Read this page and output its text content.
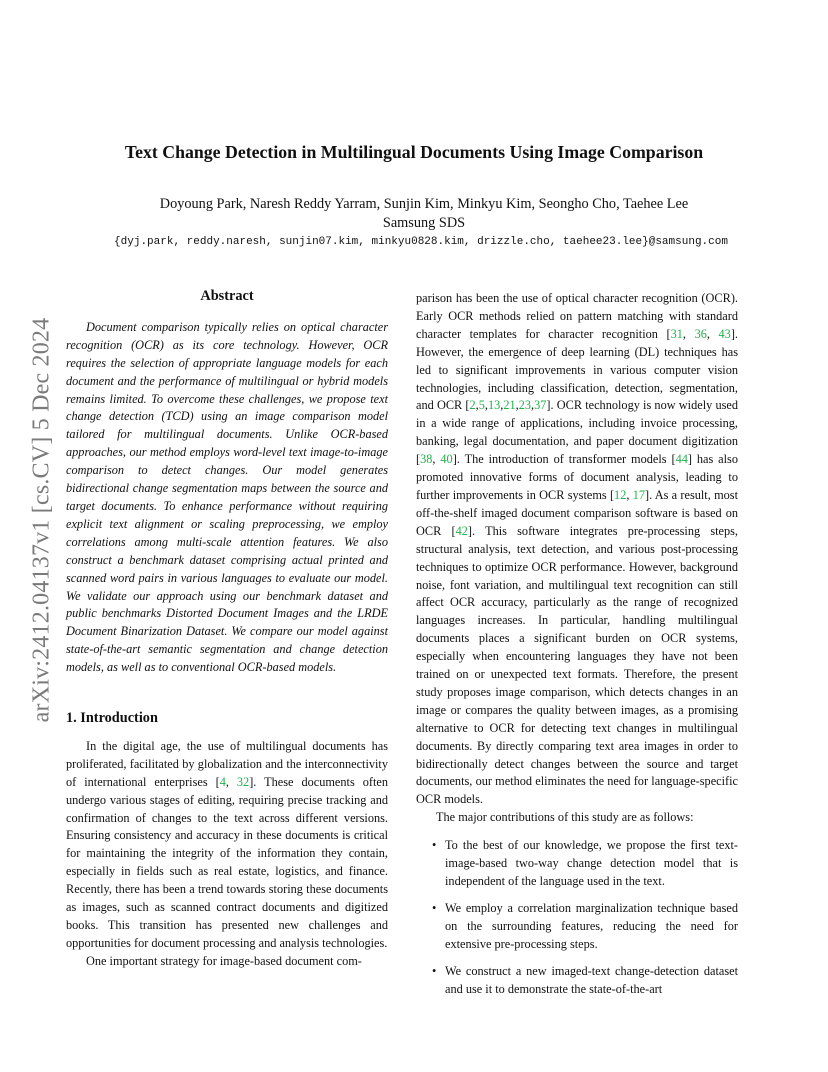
arXiv:2412.04137v1 [cs.CV] 5 Dec 2024
Text Change Detection in Multilingual Documents Using Image Comparison
Doyoung Park, Naresh Reddy Yarram, Sunjin Kim, Minkyu Kim, Seongho Cho, Taehee Lee
Samsung SDS
{dyj.park, reddy.naresh, sunjin07.kim, minkyu0828.kim, drizzle.cho, taehee23.lee}@samsung.com
Abstract

Document comparison typically relies on optical character recognition (OCR) as its core technology. However, OCR requires the selection of appropriate language models for each document and the performance of multilingual or hybrid models remains limited. To overcome these challenges, we propose text change detection (TCD) using an image comparison model tailored for multilingual documents. Unlike OCR-based approaches, our method employs word-level text image-to-image comparison to detect changes. Our model generates bidirectional change segmentation maps between the source and target documents. To enhance performance without requiring explicit text alignment or scaling preprocessing, we employ correlations among multi-scale attention features. We also construct a benchmark dataset comprising actual printed and scanned word pairs in various languages to evaluate our model. We validate our approach using our benchmark dataset and public benchmarks Distorted Document Images and the LRDE Document Binarization Dataset. We compare our model against state-of-the-art semantic segmentation and change detection models, as well as to conventional OCR-based models.

1. Introduction

In the digital age, the use of multilingual documents has proliferated, facilitated by globalization and the interconnectivity of international enterprises [4, 32]. These documents often undergo various stages of editing, requiring precise tracking and confirmation of changes to the text across different versions. Ensuring consistency and accuracy in these documents is critical for maintaining the integrity of the information they contain, especially in fields such as real estate, logistics, and finance. Recently, there has been a trend towards storing these documents as images, such as scanned contract documents and digitized books. This transition has presented new challenges and opportunities for document processing and analysis technologies.

One important strategy for image-based document com-

parison has been the use of optical character recognition (OCR). Early OCR methods relied on pattern matching with standard character templates for character recognition [31, 36, 43]. However, the emergence of deep learning (DL) techniques has led to significant improvements in various computer vision technologies, including classification, detection, segmentation, and OCR [2,5,13,21,23,37]. OCR technology is now widely used in a wide range of applications, including invoice processing, banking, legal documentation, and paper document digitization [38, 40]. The introduction of transformer models [44] has also promoted innovative forms of document analysis, leading to further improvements in OCR systems [12, 17]. As a result, most off-the-shelf imaged document comparison software is based on OCR [42]. This software integrates pre-processing steps, structural analysis, text detection, and various post-processing techniques to optimize OCR performance. However, background noise, font variation, and multilingual text recognition can still affect OCR accuracy, particularly as the range of recognized languages increases. In particular, handling multilingual documents places a significant burden on OCR systems, especially when encountering languages they have not been trained on or unexpected text formats. Therefore, the present study proposes image comparison, which detects changes in an image or compares the quality between images, as a promising alternative to OCR for detecting text changes in multilingual documents. By directly comparing text area images in order to bidirectionally detect changes between the source and target documents, our method eliminates the need for language-specific OCR models.

The major contributions of this study are as follows:

• To the best of our knowledge, we propose the first text-image-based two-way change detection model that is independent of the language used in the text.
• We employ a correlation marginalization technique based on the surrounding features, reducing the need for extensive pre-processing steps.
• We construct a new imaged-text change-detection dataset and use it to demonstrate the state-of-the-art
